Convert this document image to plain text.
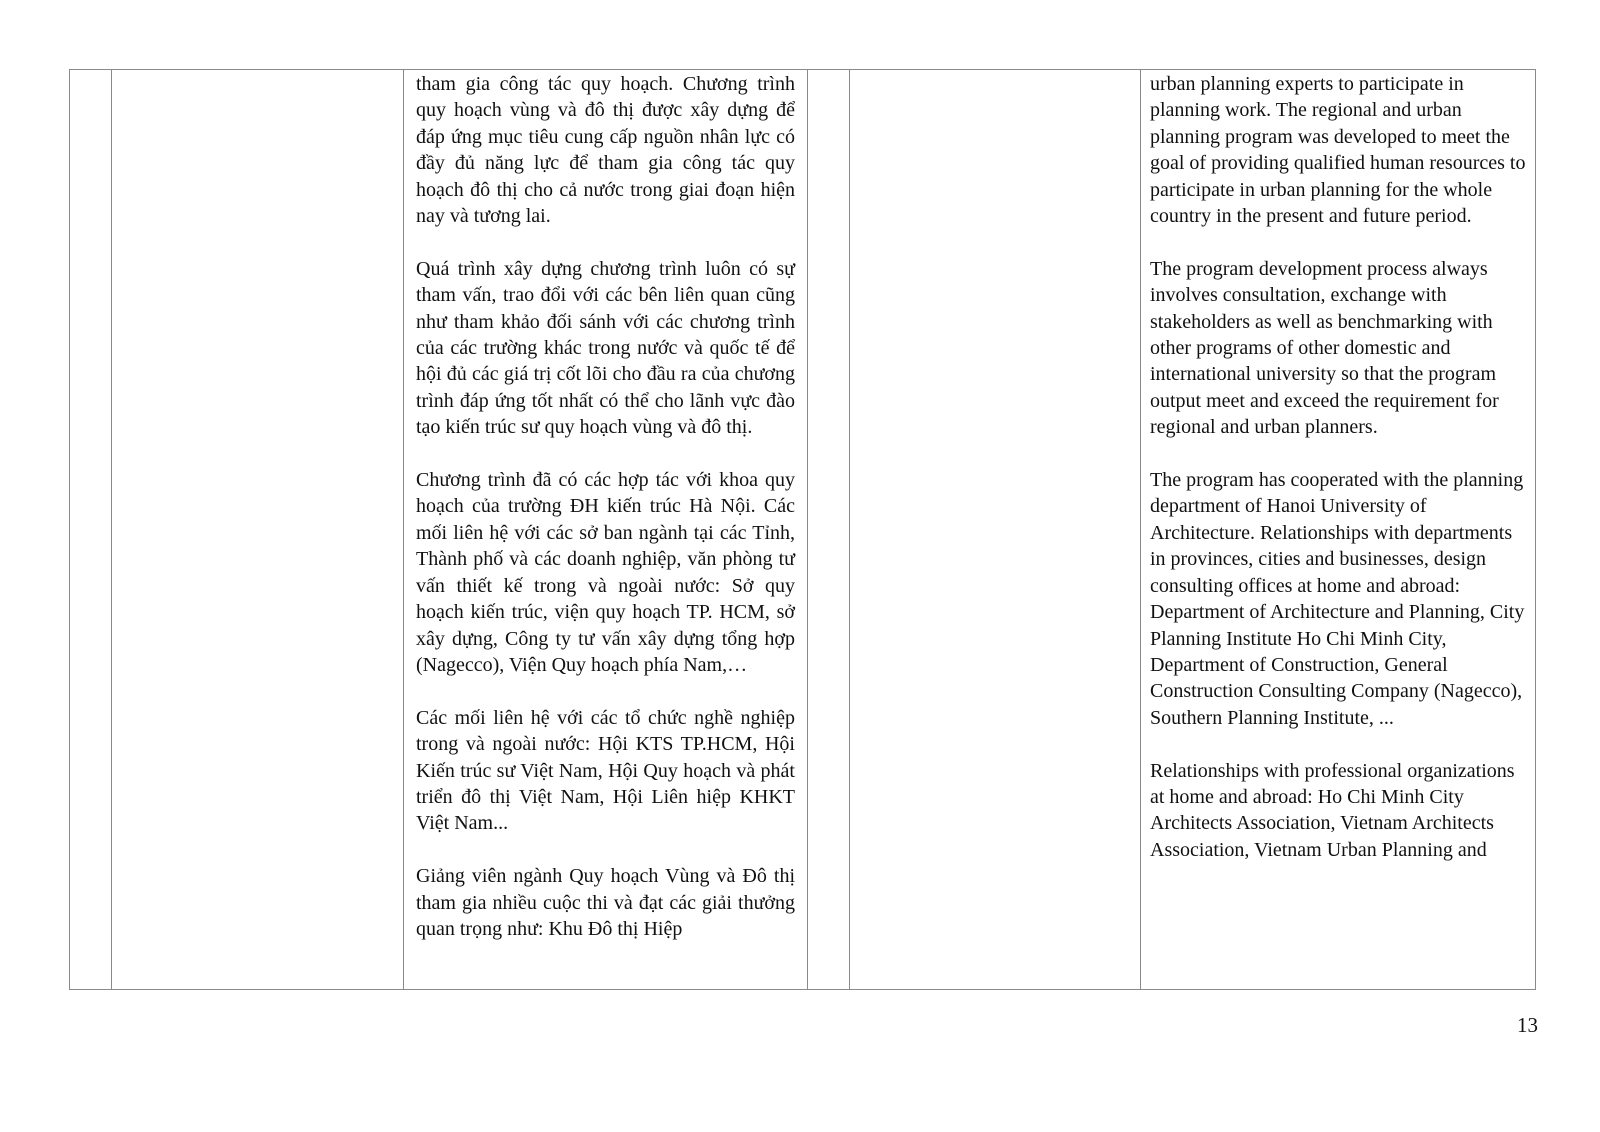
tham gia công tác quy hoạch. Chương trình quy hoạch vùng và đô thị được xây dựng để đáp ứng mục tiêu cung cấp nguồn nhân lực có đầy đủ năng lực để tham gia công tác quy hoạch đô thị cho cả nước trong giai đoạn hiện nay và tương lai.

Quá trình xây dựng chương trình luôn có sự tham vấn, trao đổi với các bên liên quan cũng như tham khảo đối sánh với các chương trình của các trường khác trong nước và quốc tế để hội đủ các giá trị cốt lõi cho đầu ra của chương trình đáp ứng tốt nhất có thể cho lãnh vực đào tạo kiến trúc sư quy hoạch vùng và đô thị.

Chương trình đã có các hợp tác với khoa quy hoạch của trường ĐH kiến trúc Hà Nội. Các mối liên hệ với các sở ban ngành tại các Tỉnh, Thành phố và các doanh nghiệp, văn phòng tư vấn thiết kế trong và ngoài nước: Sở quy hoạch kiến trúc, viện quy hoạch TP. HCM, sở xây dựng, Công ty tư vấn xây dựng tổng hợp (Nagecco), Viện Quy hoạch phía Nam,…

Các mối liên hệ với các tổ chức nghề nghiệp trong và ngoài nước: Hội KTS TP.HCM, Hội Kiến trúc sư Việt Nam, Hội Quy hoạch và phát triển đô thị Việt Nam, Hội Liên hiệp KHKT Việt Nam...

Giảng viên ngành Quy hoạch Vùng và Đô thị tham gia nhiều cuộc thi và đạt các giải thưởng quan trọng như: Khu Đô thị Hiệp

urban planning experts to participate in planning work. The regional and urban planning program was developed to meet the goal of providing qualified human resources to participate in urban planning for the whole country in the present and future period.

The program development process always involves consultation, exchange with stakeholders as well as benchmarking with other programs of other domestic and international university so that the program output meet and exceed the requirement for regional and urban planners.

The program has cooperated with the planning department of Hanoi University of Architecture. Relationships with departments in provinces, cities and businesses, design consulting offices at home and abroad: Department of Architecture and Planning, City Planning Institute Ho Chi Minh City, Department of Construction, General Construction Consulting Company (Nagecco), Southern Planning Institute, ...

Relationships with professional organizations at home and abroad: Ho Chi Minh City Architects Association, Vietnam Architects Association, Vietnam Urban Planning and

13
